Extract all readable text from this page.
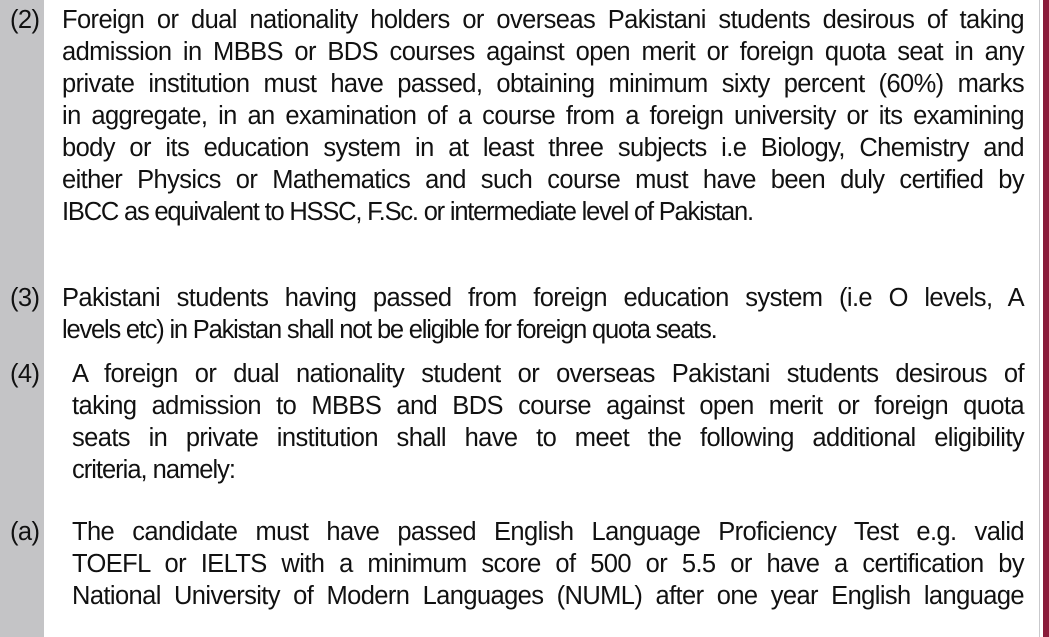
(2) Foreign or dual nationality holders or overseas Pakistani students desirous of taking
admission in MBBS or BDS courses against open merit or foreign quota seat in any
private institution must have passed, obtaining minimum sixty percent (60%) marks
in aggregate, in an examination of a course from a foreign university or its examining
body or its education system in at least three subjects i.e Biology, Chemistry and
either Physics or Mathematics and such course must have been duly certified by
IBCC as equivalent to HSSC, F.Sc. or intermediate level of Pakistan.
(3) Pakistani students having passed from foreign education system (i.e O levels, A
levels etc) in Pakistan shall not be eligible for foreign quota seats.
(4) A foreign or dual nationality student or overseas Pakistani students desirous of
taking admission to MBBS and BDS course against open merit or foreign quota
seats in private institution shall have to meet the following additional eligibility
criteria, namely:
(a) The candidate must have passed English Language Proficiency Test e.g. valid
TOEFL or IELTS with a minimum score of 500 or 5.5 or have a certification by
National University of Modern Languages (NUML) after one year English language
